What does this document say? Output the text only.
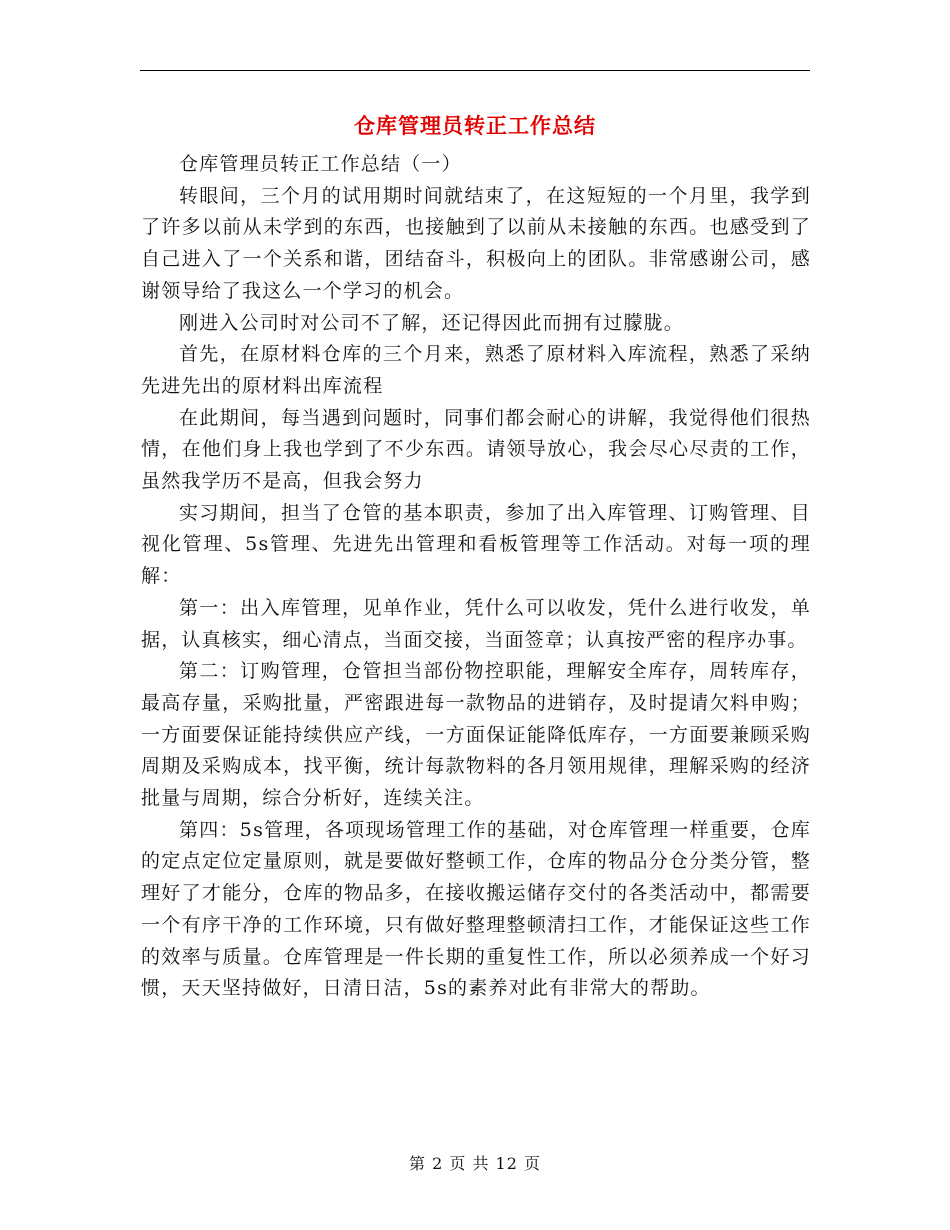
仓库管理员转正工作总结

仓库管理员转正工作总结（一）

转眼间，三个月的试用期时间就结束了，在这短短的一个月里，我学到了许多以前从未学到的东西，也接触到了以前从未接触的东西。也感受到了自己进入了一个关系和谐，团结奋斗，积极向上的团队。非常感谢公司，感谢领导给了我这么一个学习的机会。

刚进入公司时对公司不了解，还记得因此而拥有过朦胧。

首先，在原材料仓库的三个月来，熟悉了原材料入库流程，熟悉了采纳先进先出的原材料出库流程

在此期间，每当遇到问题时，同事们都会耐心的讲解，我觉得他们很热情，在他们身上我也学到了不少东西。请领导放心，我会尽心尽责的工作，虽然我学历不是高，但我会努力

实习期间，担当了仓管的基本职责，参加了出入库管理、订购管理、目视化管理、5s管理、先进先出管理和看板管理等工作活动。对每一项的理解：

第一：出入库管理，见单作业，凭什么可以收发，凭什么进行收发，单据，认真核实，细心清点，当面交接，当面签章；认真按严密的程序办事。

第二：订购管理，仓管担当部份物控职能，理解安全库存，周转库存，最高存量，采购批量，严密跟进每一款物品的进销存，及时提请欠料申购；一方面要保证能持续供应产线，一方面保证能降低库存，一方面要兼顾采购周期及采购成本，找平衡，统计每款物料的各月领用规律，理解采购的经济批量与周期，综合分析好，连续关注。

第四：5s管理，各项现场管理工作的基础，对仓库管理一样重要，仓库的定点定位定量原则，就是要做好整顿工作，仓库的物品分仓分类分管，整理好了才能分，仓库的物品多，在接收搬运储存交付的各类活动中，都需要一个有序干净的工作环境，只有做好整理整顿清扫工作，才能保证这些工作的效率与质量。仓库管理是一件长期的重复性工作，所以必须养成一个好习惯，天天坚持做好，日清日洁，5s的素养对此有非常大的帮助。

第 2 页 共 12 页
